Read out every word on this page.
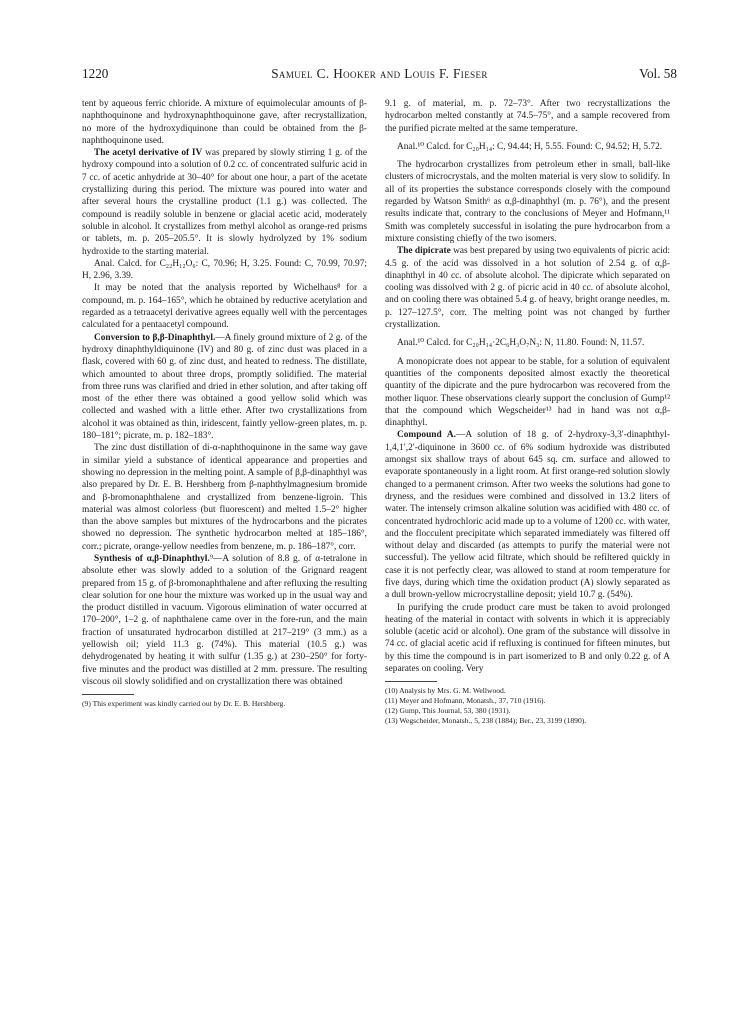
1220	Samuel C. Hooker and Louis F. Fieser	Vol. 58

tent by aqueous ferric chloride. A mixture of equimolecular amounts of β-naphthoquinone and hydroxynaphthoquinone gave, after recrystallization, no more of the hydroxydiquinone than could be obtained from the β-naphthoquinone used.

The acetyl derivative of IV was prepared by slowly stirring 1 g. of the hydroxy compound into a solution of 0.2 cc. of concentrated sulfuric acid in 7 cc. of acetic anhydride at 30–40° for about one hour, a part of the acetate crystallizing during this period. The mixture was poured into water and after several hours the crystalline product (1.1 g.) was collected. The compound is readily soluble in benzene or glacial acetic acid, moderately soluble in alcohol. It crystallizes from methyl alcohol as orange-red prisms or tablets, m. p. 205–205.5°. It is slowly hydrolyzed by 1% sodium hydroxide to the starting material.

Anal. Calcd. for C₂₂H₁₂O₆: C, 70.96; H, 3.25. Found: C, 70.99, 70.97; H, 2.96, 3.39.

It may be noted that the analysis reported by Wichelhaus⁸ for a compound, m. p. 164–165°, which he obtained by reductive acetylation and regarded as a tetraacetyl derivative agrees equally well with the percentages calculated for a pentaacetyl compound.

Conversion to β,β-Dinaphthyl.—A finely ground mixture of 2 g. of the hydroxy dinaphthyldiquinone (IV) and 80 g. of zinc dust was placed in a flask, covered with 60 g. of zinc dust, and heated to redness. The distillate, which amounted to about three drops, promptly solidified. The material from three runs was clarified and dried in ether solution, and after taking off most of the ether there was obtained a good yellow solid which was collected and washed with a little ether. After two crystallizations from alcohol it was obtained as thin, iridescent, faintly yellow-green plates, m. p. 180–181°; picrate, m. p. 182–183°.

The zinc dust distillation of di-α-naphthoquinone in the same way gave in similar yield a substance of identical appearance and properties and showing no depression in the melting point. A sample of β,β-dinaphthyl was also prepared by Dr. E. B. Hershberg from β-naphthylmagnesium bromide and β-bromonaphthalene and crystallized from benzene-ligroin. This material was almost colorless (but fluorescent) and melted 1.5–2° higher than the above samples but mixtures of the hydrocarbons and the picrates showed no depression. The synthetic hydrocarbon melted at 185–186°, corr.; picrate, orange-yellow needles from benzene, m. p. 186–187°, corr.

Synthesis of α,β-Dinaphthyl.⁹—A solution of 8.8 g. of α-tetralone in absolute ether was slowly added to a solution of the Grignard reagent prepared from 15 g. of β-bromonaphthalene and after refluxing the resulting clear solution for one hour the mixture was worked up in the usual way and the product distilled in vacuum. Vigorous elimination of water occurred at 170–200°, 1–2 g. of naphthalene came over in the fore-run, and the main fraction of unsaturated hydrocarbon distilled at 217–219° (3 mm.) as a yellowish oil; yield 11.3 g. (74%). This material (10.5 g.) was dehydrogenated by heating it with sulfur (1.35 g.) at 230–250° for forty-five minutes and the product was distilled at 2 mm. pressure. The resulting viscous oil slowly solidified and on crystallization there was obtained

(9) This experiment was kindly carried out by Dr. E. B. Hershberg.

9.1 g. of material, m. p. 72–73°. After two recrystallizations the hydrocarbon melted constantly at 74.5–75°, and a sample recovered from the purified picrate melted at the same temperature.

Anal.¹⁰ Calcd. for C₂₀H₁₄: C, 94.44; H, 5.55. Found: C, 94.52; H, 5.72.

The hydrocarbon crystallizes from petroleum ether in small, ball-like clusters of microcrystals, and the molten material is very slow to solidify. In all of its properties the substance corresponds closely with the compound regarded by Watson Smith⁶ as α,β-dinaphthyl (m. p. 76°), and the present results indicate that, contrary to the conclusions of Meyer and Hofmann,¹¹ Smith was completely successful in isolating the pure hydrocarbon from a mixture consisting chiefly of the two isomers.

The dipicrate was best prepared by using two equivalents of picric acid: 4.5 g. of the acid was dissolved in a hot solution of 2.54 g. of α,β-dinaphthyl in 40 cc. of absolute alcohol. The dipicrate which separated on cooling was dissolved with 2 g. of picric acid in 40 cc. of absolute alcohol, and on cooling there was obtained 5.4 g. of heavy, bright orange needles, m. p. 127–127.5°, corr. The melting point was not changed by further crystallization.

Anal.¹⁰ Calcd. for C₂₀H₁₄·2C₆H₃O₇N₃: N, 11.80. Found: N, 11.57.

A monopicrate does not appear to be stable, for a solution of equivalent quantities of the components deposited almost exactly the theoretical quantity of the dipicrate and the pure hydrocarbon was recovered from the mother liquor. These observations clearly support the conclusion of Gump¹² that the compound which Wegscheider¹³ had in hand was not α,β-dinaphthyl.

Compound A.—A solution of 18 g. of 2-hydroxy-3,3′-dinaphthyl-1,4,1′,2′-diquinone in 3600 cc. of 6% sodium hydroxide was distributed amongst six shallow trays of about 645 sq. cm. surface and allowed to evaporate spontaneously in a light room. At first orange-red solution slowly changed to a permanent crimson. After two weeks the solutions had gone to dryness, and the residues were combined and dissolved in 13.2 liters of water. The intensely crimson alkaline solution was acidified with 480 cc. of concentrated hydrochloric acid made up to a volume of 1200 cc. with water, and the flocculent precipitate which separated immediately was filtered off without delay and discarded (as attempts to purify the material were not successful). The yellow acid filtrate, which should be refiltered quickly in case it is not perfectly clear, was allowed to stand at room temperature for five days, during which time the oxidation product (A) slowly separated as a dull brown-yellow microcrystalline deposit; yield 10.7 g. (54%).

In purifying the crude product care must be taken to avoid prolonged heating of the material in contact with solvents in which it is appreciably soluble (acetic acid or alcohol). One gram of the substance will dissolve in 74 cc. of glacial acetic acid if refluxing is continued for fifteen minutes, but by this time the compound is in part isomerized to B and only 0.22 g. of A separates on cooling. Very

(10) Analysis by Mrs. G. M. Wellwood.

(11) Meyer and Hofmann, Monatsh., 37, 710 (1916).

(12) Gump, This Journal, 53, 380 (1931).

(13) Wegscheider, Monatsh., 5, 238 (1884); Ber., 23, 3199 (1890).
